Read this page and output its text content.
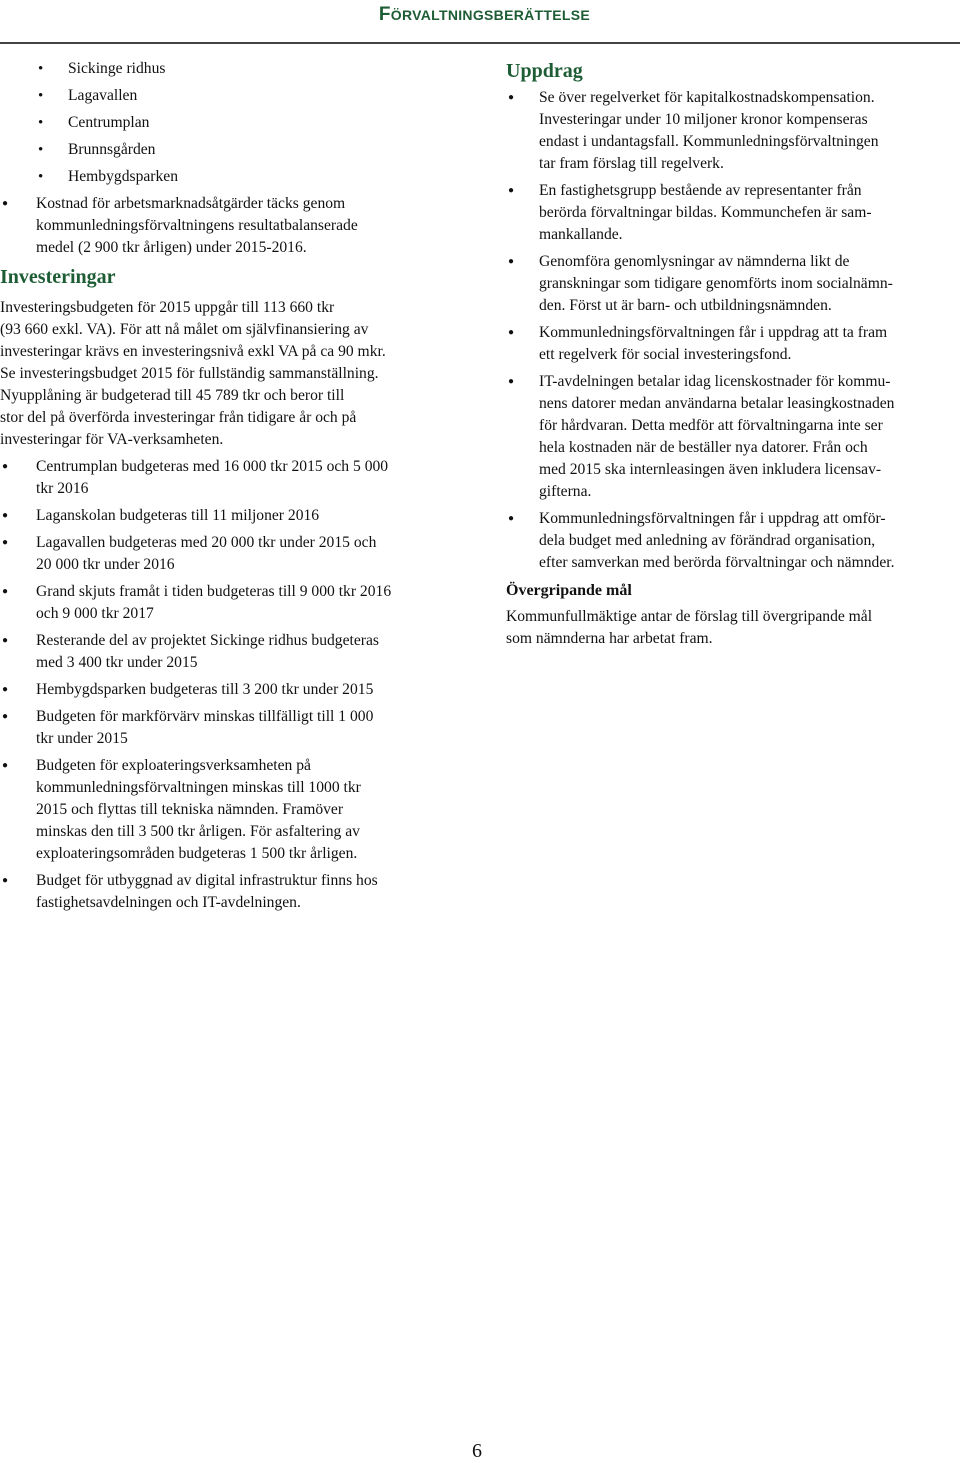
FÖRVALTNINGSBERÄTTELSE
• Sickinge ridhus
• Lagavallen
• Centrumplan
• Brunnsgården
• Hembygdsparken
● Kostnad för arbetsmarknadsåtgärder täcks genom
kommunledningsförvaltningens resultatbalanserade
medel (2 900 tkr årligen) under 2015-2016.
Investeringar
Investeringsbudgeten för 2015 uppgår till 113 660 tkr
(93 660 exkl. VA). För att nå målet om självfinansiering av
investeringar krävs en investeringsnivå exkl VA på ca 90 mkr.
Se investeringsbudget 2015 för fullständig sammanställning.
Nyupplåning är budgeterad till 45 789 tkr och beror till
stor del på överförda investeringar från tidigare år och på
investeringar för VA-verksamheten.
● Centrumplan budgeteras med 16 000 tkr 2015 och 5 000
tkr 2016
● Laganskolan budgeteras till 11 miljoner 2016
● Lagavallen budgeteras med 20 000 tkr under 2015 och
20 000 tkr under 2016
● Grand skjuts framåt i tiden budgeteras till 9 000 tkr 2016
och 9 000 tkr 2017
● Resterande del av projektet Sickinge ridhus budgeteras
med 3 400 tkr under 2015
● Hembygdsparken budgeteras till 3 200 tkr under 2015
● Budgeten för markförvärv minskas tillfälligt till 1 000
tkr under 2015
● Budgeten för exploateringsverksamheten på
kommunledningsförvaltningen minskas till 1000 tkr
2015 och flyttas till tekniska nämnden. Framöver
minskas den till 3 500 tkr årligen. För asfaltering av
exploateringsområden budgeteras 1 500 tkr årligen.
● Budget för utbyggnad av digital infrastruktur finns hos
fastighetsavdelningen och IT-avdelningen.
Uppdrag
● Se över regelverket för kapitalkostnadskompensation.
Investeringar under 10 miljoner kronor kompenseras
endast i undantagsfall. Kommunledningsförvaltningen
tar fram förslag till regelverk.
● En fastighetsgrupp bestående av representanter från
berörda förvaltningar bildas. Kommunchefen är sam-
mankallande.
● Genomföra genomlysningar av nämnderna likt de
granskningar som tidigare genomförts inom socialnämn-
den. Först ut är barn- och utbildningsnämnden.
● Kommunledningsförvaltningen får i uppdrag att ta fram
ett regelverk för social investeringsfond.
● IT-avdelningen betalar idag licenskostnader för kommu-
nens datorer medan användarna betalar leasingkostnaden
för hårdvaran. Detta medför att förvaltningarna inte ser
hela kostnaden när de beställer nya datorer. Från och
med 2015 ska internleasingen även inkludera licensav-
gifterna.
● Kommunledningsförvaltningen får i uppdrag att omför-
dela budget med anledning av förändrad organisation,
efter samverkan med berörda förvaltningar och nämnder.
Övergripande mål
Kommunfullmäktige antar de förslag till övergripande mål
som nämnderna har arbetat fram.
6
